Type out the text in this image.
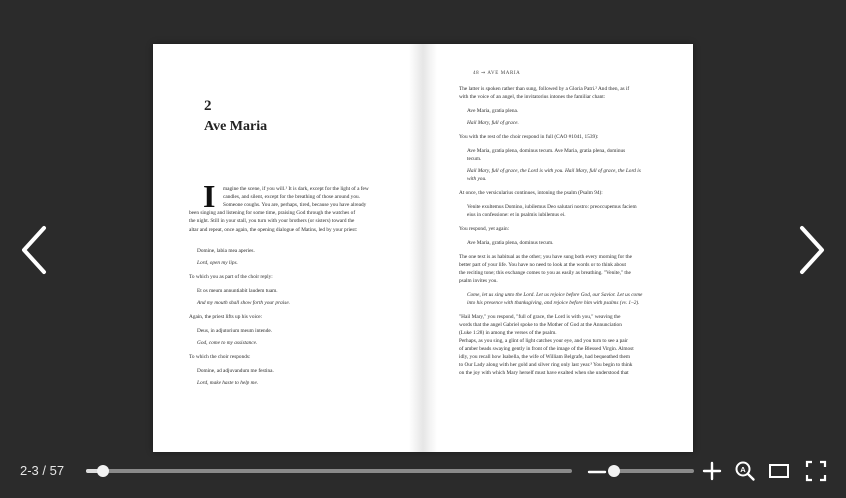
2
Ave Maria
I magine the scene, if you will.¹ It is dark, except for the light of a few
candles, and silent, except for the breathing of those around you.
Someone coughs. You are, perhaps, tired, because you have already
been singing and listening for some time, praising God through the watches of
the night. Still in your stall, you turn with your brothers (or sisters) toward the
altar and repeat, once again, the opening dialogue of Matins, led by your priest:
Domine, labia mea aperies.
Lord, open my lips.
To which you as part of the choir reply:
Et os meum annuntiabit laudem tuam.
And my mouth shall show forth your praise.
Again, the priest lifts up his voice:
Deus, in adjutorium meum intende.
God, come to my assistance.
To which the choir responds:
Domine, ad adjuvandum me festina.
Lord, make haste to help me.
48 ⇝ AVE MARIA
The latter is spoken rather than sung, followed by a Gloria Patri.² And then, as if
with the voice of an angel, the invitatorius intones the familiar chant:
Ave Maria, gratia plena.
Hail Mary, full of grace.
You with the rest of the choir respond in full (CAO #1041, 1539):
Ave Maria, gratia plena, dominus tecum. Ave Maria, gratia plena, dominus
tecum.
Hail Mary, full of grace, the Lord is with you. Hail Mary, full of grace, the Lord is
with you.
At once, the versicularius continues, intoning the psalm (Psalm 94):
Venite exultemus Domino, iubilemus Deo salutari nostro: preoccupemus faciem
eius in confessione: et in psalmis iubilemus ei.
You respond, yet again:
Ave Maria, gratia plena, dominus tecum.
The one text is as habitual as the other; you have sung both every morning for the
better part of your life. You have no need to look at the words or to think about
the reciting tone; this exchange comes to you as easily as breathing. "Venite," the
psalm invites you.
Come, let us sing unto the Lord. Let us rejoice before God, our Savior. Let us come
into his presence with thanksgiving, and rejoice before him with psalms (vv. 1–2).
"Hail Mary," you respond, "full of grace, the Lord is with you," weaving the
words that the angel Gabriel spoke to the Mother of God at the Annunciation
(Luke 1:28) in among the verses of the psalm.
Perhaps, as you sing, a glint of light catches your eye, and you turn to see a pair
of amber beads swaying gently in front of the image of the Blessed Virgin. Almost
idly, you recall how Isabella, the wife of William Belgrafe, had bequeathed them
to Our Lady along with her gold and silver ring only last year.³ You begin to think
on the joy with which Mary herself must have exalted when she understood that
2-3 / 57	A
